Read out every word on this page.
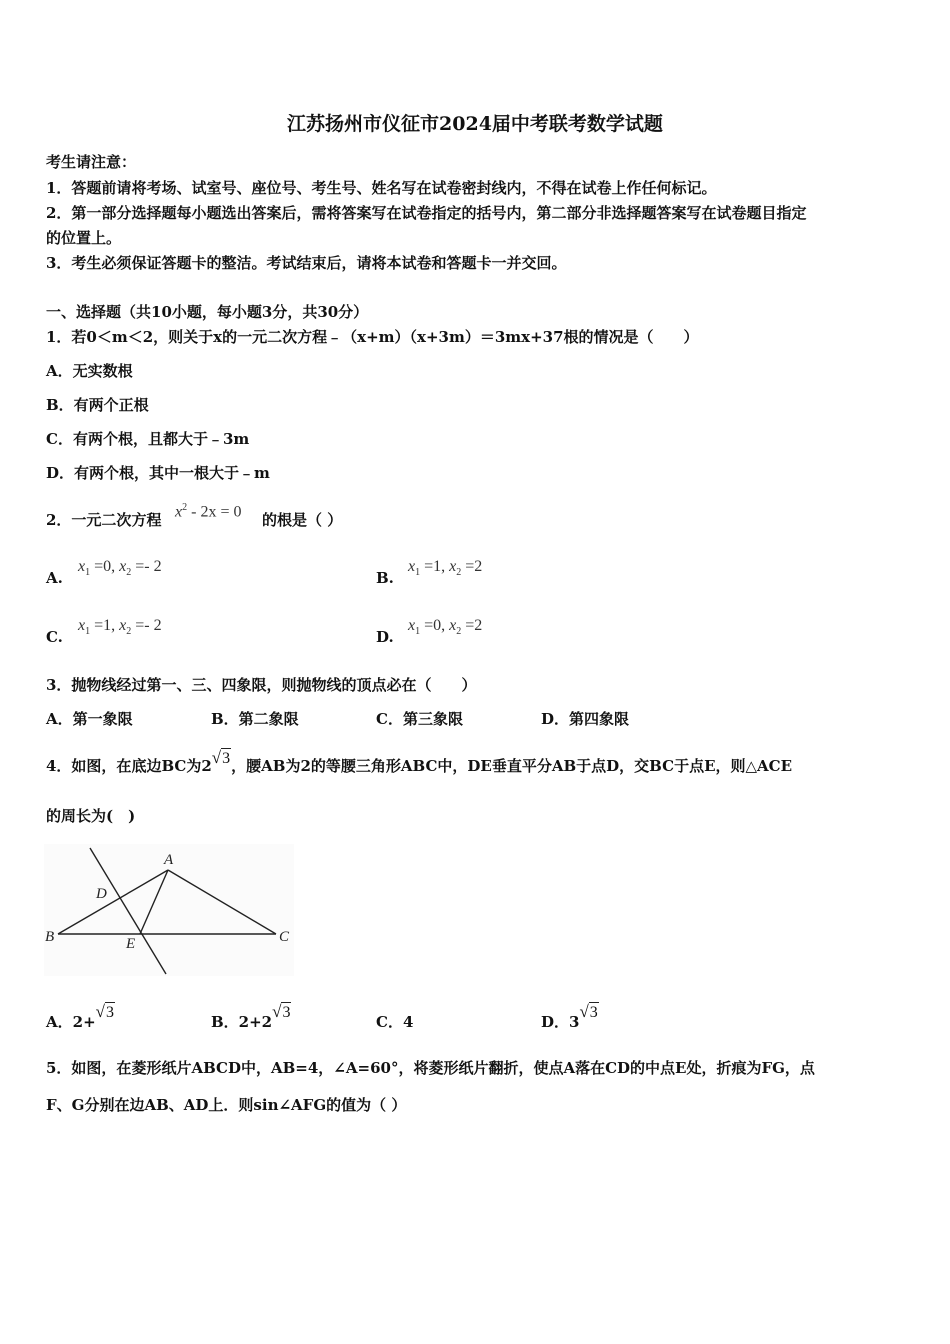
江苏扬州市仪征市2024届中考联考数学试题
考生请注意：
1．答题前请将考场、试室号、座位号、考生号、姓名写在试卷密封线内，不得在试卷上作任何标记。
2．第一部分选择题每小题选出答案后，需将答案写在试卷指定的括号内，第二部分非选择题答案写在试卷题目指定
的位置上。
3．考生必须保证答题卡的整洁。考试结束后，请将本试卷和答题卡一并交回。
一、选择题（共10小题，每小题3分，共30分）
1．若0＜m＜2，则关于x的一元二次方程﹣（x+m）（x+3m）＝3mx+37根的情况是（　　）
A．无实数根
B．有两个正根
C．有两个根，且都大于﹣3m
D．有两个根，其中一根大于﹣m
2．一元二次方程 $x^2 - 2x = 0$ 的根是（ ）
A.
$x_1 =0$, $x_2 =- 2$
B.
$x_1 =1$, $x_2 =2$
C.
$x_1 =1$, $x_2 =- 2$
D.
$x_1 =0$, $x_2 =2$
3．抛物线经过第一、三、四象限，则抛物线的顶点必在（　　）
A．第一象限	B．第二象限	C．第三象限	D．第四象限
4．如图，在底边BC为2√3，腰AB为2的等腰三角形ABC中，DE垂直平分AB于点D，交BC于点E，则△ACE
的周长为(　)
A
B	C
D
E
A．2+√3
B．2+2√3
C．4	D．3√3
5．如图，在菱形纸片ABCD中，AB=4，∠A=60°，将菱形纸片翻折，使点A落在CD的中点E处，折痕为FG，点
F、G分别在边AB、AD上．则sin∠AFG的值为（ ）
